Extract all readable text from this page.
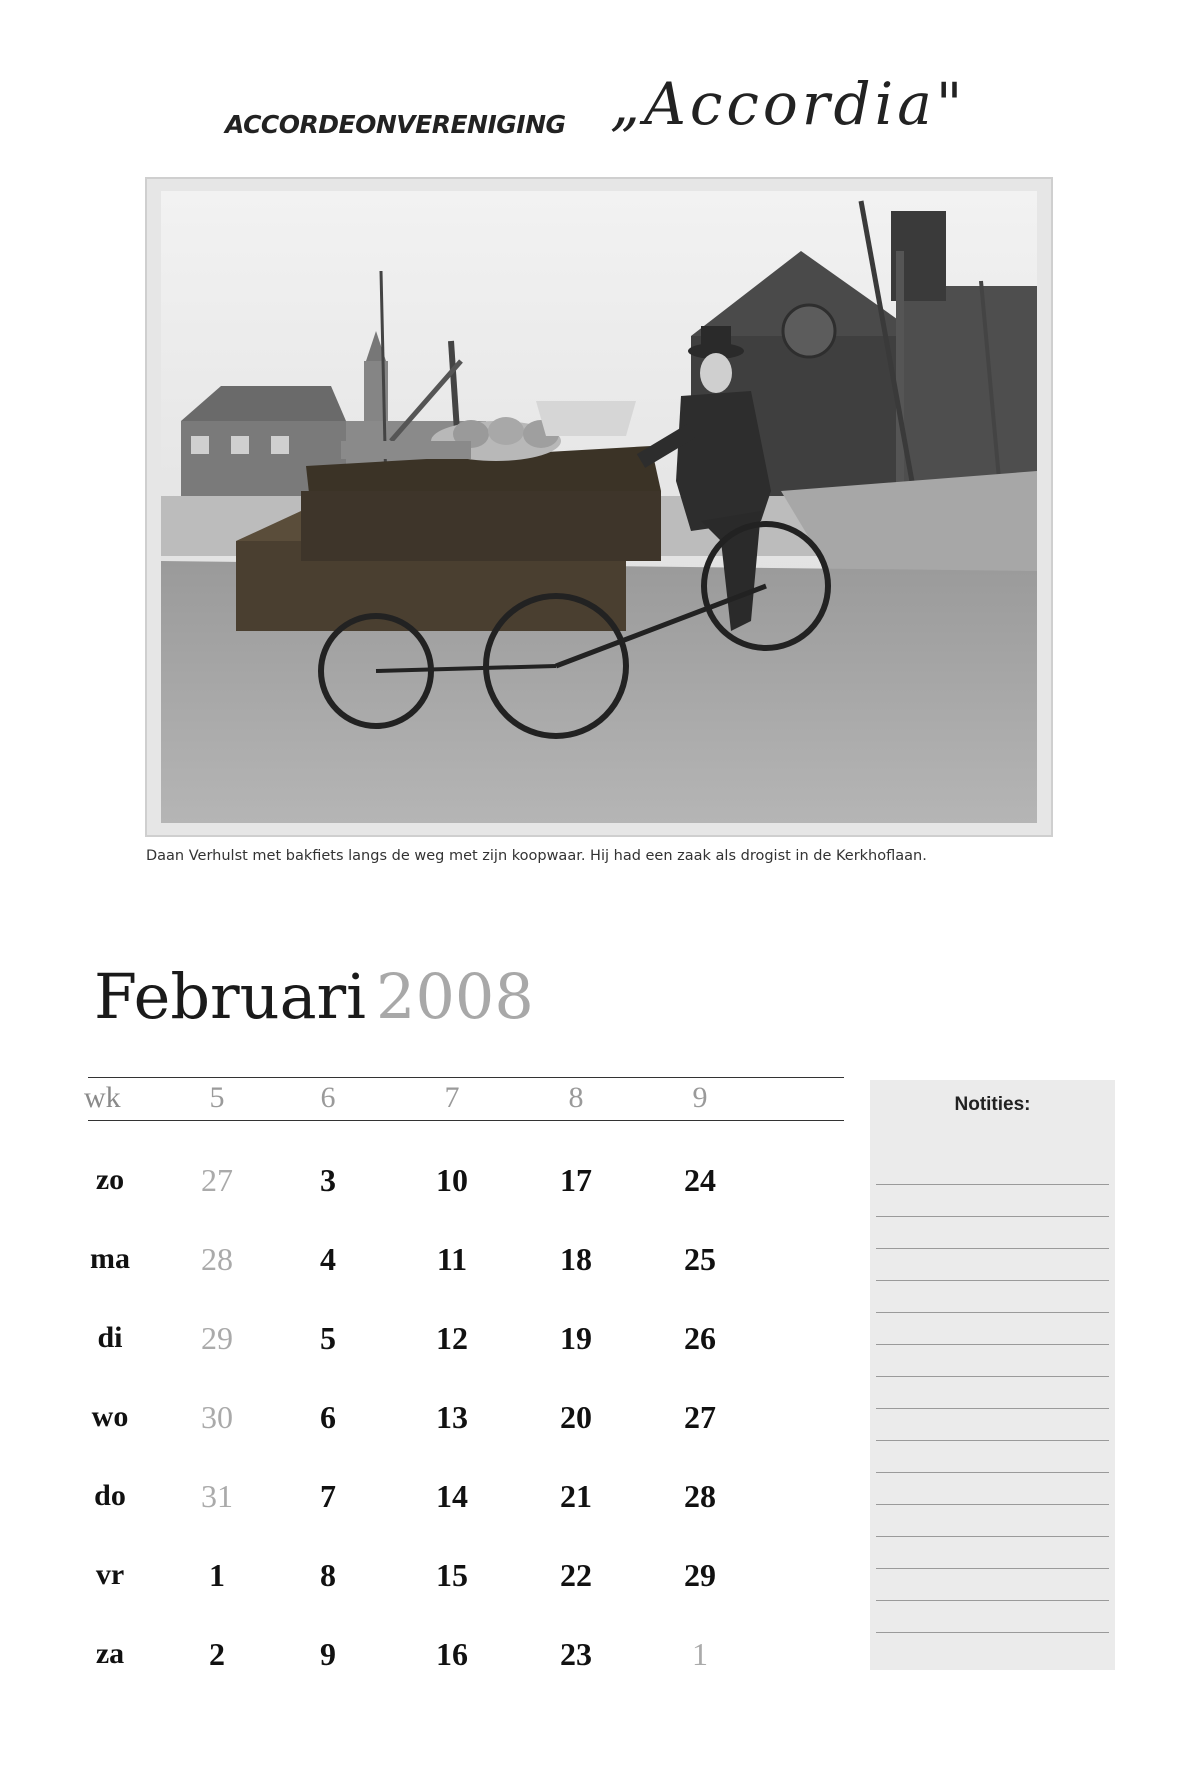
ACCORDEONVERENIGING „Accordia"
Daan Verhulst met bakfiets langs de weg met zijn koopwaar. Hij had een zaak als drogist in de Kerkhoflaan.
Februari 2008
wk	5	6	7	8	9
zo	27	3	10	17	24
ma	28	4	11	18	25
di	29	5	12	19	26
wo	30	6	13	20	27
do	31	7	14	21	28
vr	1	8	15	22	29
za	2	9	16	23	1
Notities:
